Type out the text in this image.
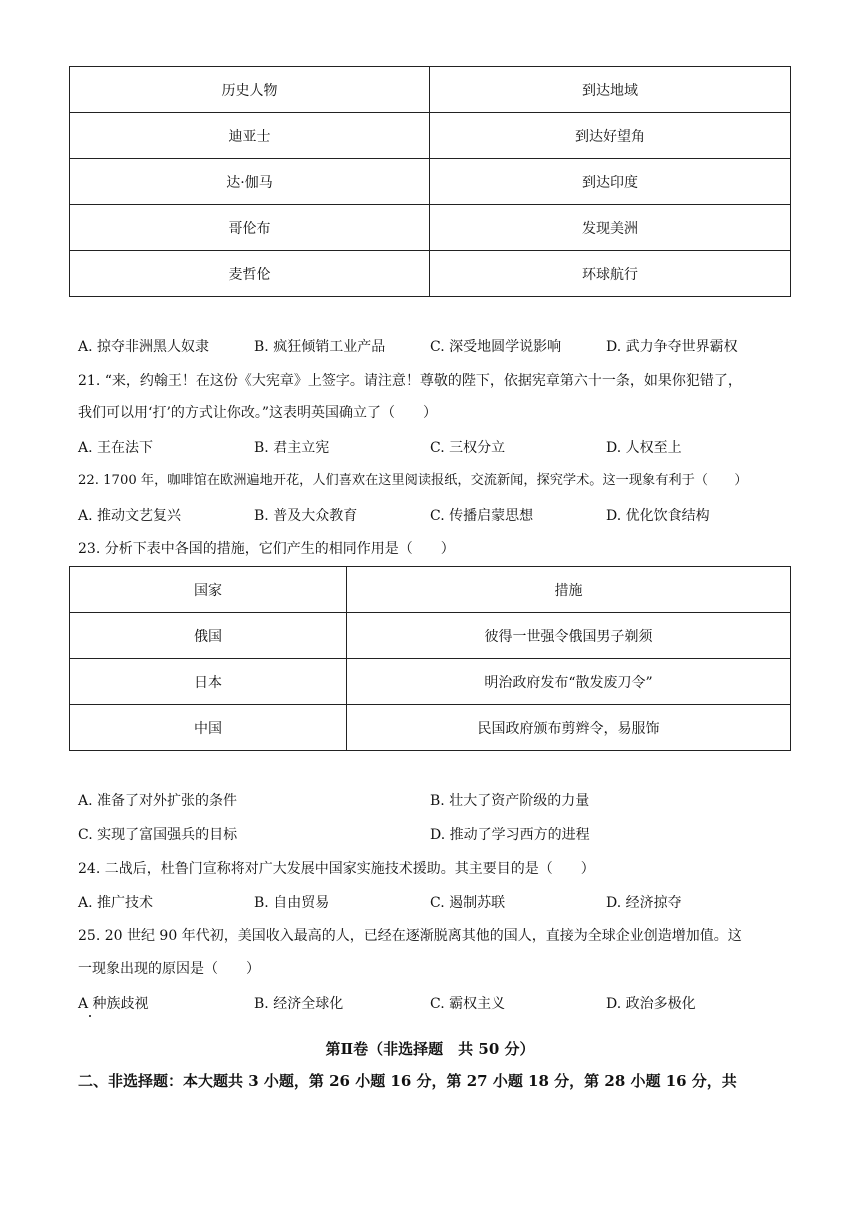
历史人物	到达地域
迪亚士	到达好望角
达·伽马	到达印度
哥伦布	发现美洲
麦哲伦	环球航行
A. 掠夺非洲黑人奴隶	B. 疯狂倾销工业产品	C. 深受地圆学说影响	D. 武力争夺世界霸权
21. “来，约翰王！在这份《大宪章》上签字。请注意！尊敬的陛下，依据宪章第六十一条，如果你犯错了，
我们可以用‘打’的方式让你改。”这表明英国确立了（　　）
A. 王在法下	B. 君主立宪	C. 三权分立	D. 人权至上
22. 1700 年，咖啡馆在欧洲遍地开花，人们喜欢在这里阅读报纸，交流新闻，探究学术。这一现象有利于（　　）
A. 推动文艺复兴	B. 普及大众教育	C. 传播启蒙思想	D. 优化饮食结构
23. 分析下表中各国的措施，它们产生的相同作用是（　　）
国家	措施
俄国	彼得一世强令俄国男子剃须
日本	明治政府发布“散发废刀令”
中国	民国政府颁布剪辫令，易服饰
A. 准备了对外扩张的条件	B. 壮大了资产阶级的力量
C. 实现了富国强兵的目标	D. 推动了学习西方的进程
24. 二战后，杜鲁门宣称将对广大发展中国家实施技术援助。其主要目的是（　　）
A. 推广技术	B. 自由贸易	C. 遏制苏联	D. 经济掠夺
25. 20 世纪 90 年代初，美国收入最高的人，已经在逐渐脱离其他的国人，直接为全球企业创造增加值。这
一现象出现的原因是（　　）
A 种族歧视	B. 经济全球化	C. 霸权主义	D. 政治多极化
第Ⅱ卷（非选择题　共 50 分）
二、非选择题：本大题共 3 小题，第 26 小题 16 分，第 27 小题 18 分，第 28 小题 16 分，共
